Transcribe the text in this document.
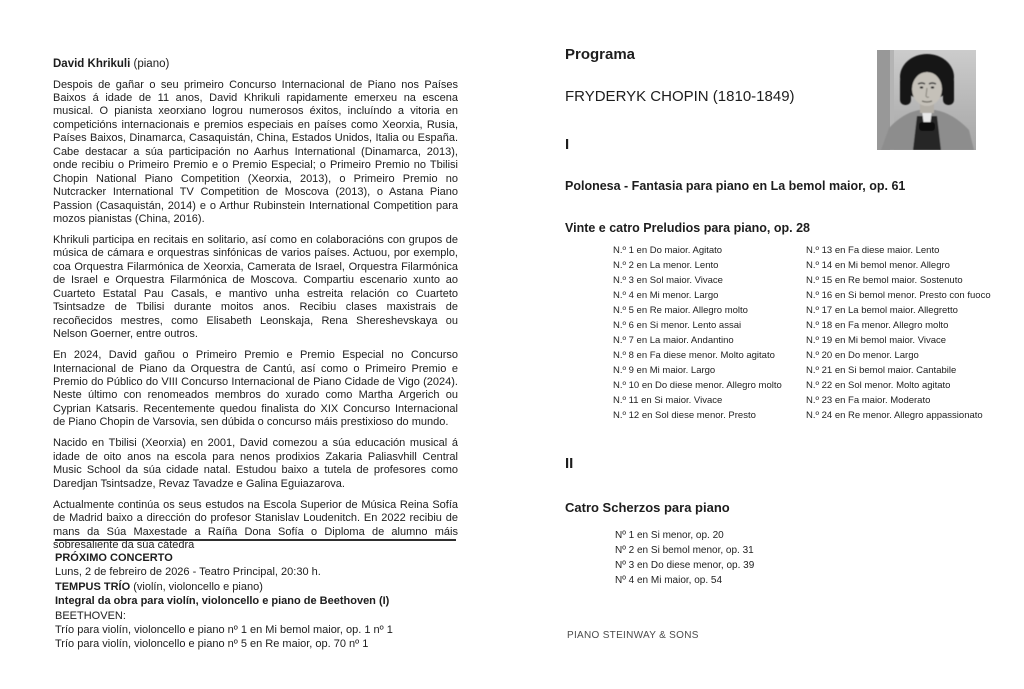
David Khrikuli (piano)

Despois de gañar o seu primeiro Concurso Internacional de Piano nos Países Baixos á idade de 11 anos, David Khrikuli rapidamente emerxeu na escena musical. O pianista xeorxiano logrou numerosos éxitos, incluíndo a vitoria en competicións internacionais e premios especiais en países como Xeorxia, Rusia, Países Baixos, Dinamarca, Casaquistán, China, Estados Unidos, Italia ou España. Cabe destacar a súa participación no Aarhus International (Dinamarca, 2013), onde recibiu o Primeiro Premio e o Premio Especial; o Primeiro Premio no Tbilisi Chopin National Piano Competition (Xeorxia, 2013), o Primeiro Premio no Nutcracker International TV Competition de Moscova (2013), o Astana Piano Passion (Casaquistán, 2014) e o Arthur Rubinstein International Competition para mozos pianistas (China, 2016).

Khrikuli participa en recitais en solitario, así como en colaboracións con grupos de música de cámara e orquestras sinfónicas de varios países. Actuou, por exemplo, coa Orquestra Filarmónica de Xeorxia, Camerata de Israel, Orquestra Filarmónica de Israel e Orquestra Filarmónica de Moscova. Compartiu escenario xunto ao Cuarteto Estatal Pau Casals, e mantivo unha estreita relación co Cuarteto Tsintsadze de Tbilisi durante moitos anos. Recibiu clases maxistrais de recoñecidos mestres, como Elisabeth Leonskaja, Rena Shereshevskaya ou Nelson Goerner, entre outros.

En 2024, David gañou o Primeiro Premio e Premio Especial no Concurso Internacional de Piano da Orquestra de Cantú, así como o Primeiro Premio e Premio do Público do VIII Concurso Internacional de Piano Cidade de Vigo (2024). Neste último con renomeados membros do xurado como Martha Argerich ou Cyprian Katsaris. Recentemente quedou finalista do XIX Concurso Internacional de Piano Chopin de Varsovia, sen dúbida o concurso máis prestixioso do mundo.

Nacido en Tbilisi (Xeorxia) en 2001, David comezou a súa educación musical á idade de oito anos na escola para nenos prodixios Zakaria Paliasvhill Central Music School da súa cidade natal. Estudou baixo a tutela de profesores como Daredjan Tsintsadze, Revaz Tavadze e Galina Eguiazarova.

Actualmente continúa os seus estudos na Escola Superior de Música Reina Sofía de Madrid baixo a dirección do profesor Stanislav Loudenitch. En 2022 recibiu de mans da Súa Maxestade a Raíña Dona Sofía o Diploma de alumno máis sobresaliente da súa cátedra

PRÓXIMO CONCERTO
Luns, 2 de febreiro de 2026 - Teatro Principal, 20:30 h.
TEMPUS TRÍO (violín, violoncello e piano)
Integral da obra para violín, violoncello e piano de Beethoven (I)
BEETHOVEN:
Trío para violín, violoncello e piano nº 1 en Mi bemol maior, op. 1 nº 1
Trío para violín, violoncello e piano nº 5 en Re maior, op. 70 nº 1
Programa
FRYDERYK CHOPIN (1810-1849)
I
Polonesa - Fantasia para piano en La bemol maior, op. 61
Vinte e catro Preludios para piano, op. 28
N.º 1 en Do maior. Agitato
N.º 2 en La menor. Lento
N.º 3 en Sol maior. Vivace
N.º 4 en Mi menor. Largo
N.º 5 en Re maior. Allegro molto
N.º 6 en Si menor. Lento assai
N.º 7 en La maior. Andantino
N.º 8 en Fa diese menor. Molto agitato
N.º 9 en Mi maior. Largo
N.º 10 en Do diese menor. Allegro molto
N.º 11 en Si maior. Vivace
N.º 12 en Sol diese menor. Presto
N.º 13 en Fa diese maior. Lento
N.º 14 en Mi bemol menor. Allegro
N.º 15 en Re bemol maior. Sostenuto
N.º 16 en Si bemol menor. Presto con fuoco
N.º 17 en La bemol maior. Allegretto
N.º 18 en Fa menor. Allegro molto
N.º 19 en Mi bemol maior. Vivace
N.º 20 en Do menor. Largo
N.º 21 en Si bemol maior. Cantabile
N.º 22 en Sol menor. Molto agitato
N.º 23 en Fa maior. Moderato
N.º 24 en Re menor. Allegro appassionato
II
Catro Scherzos para piano
Nº 1 en Si menor, op. 20
Nº 2 en Si bemol menor, op. 31
Nº 3 en Do diese menor, op. 39
Nº 4 en Mi maior, op. 54
PIANO STEINWAY & SONS
